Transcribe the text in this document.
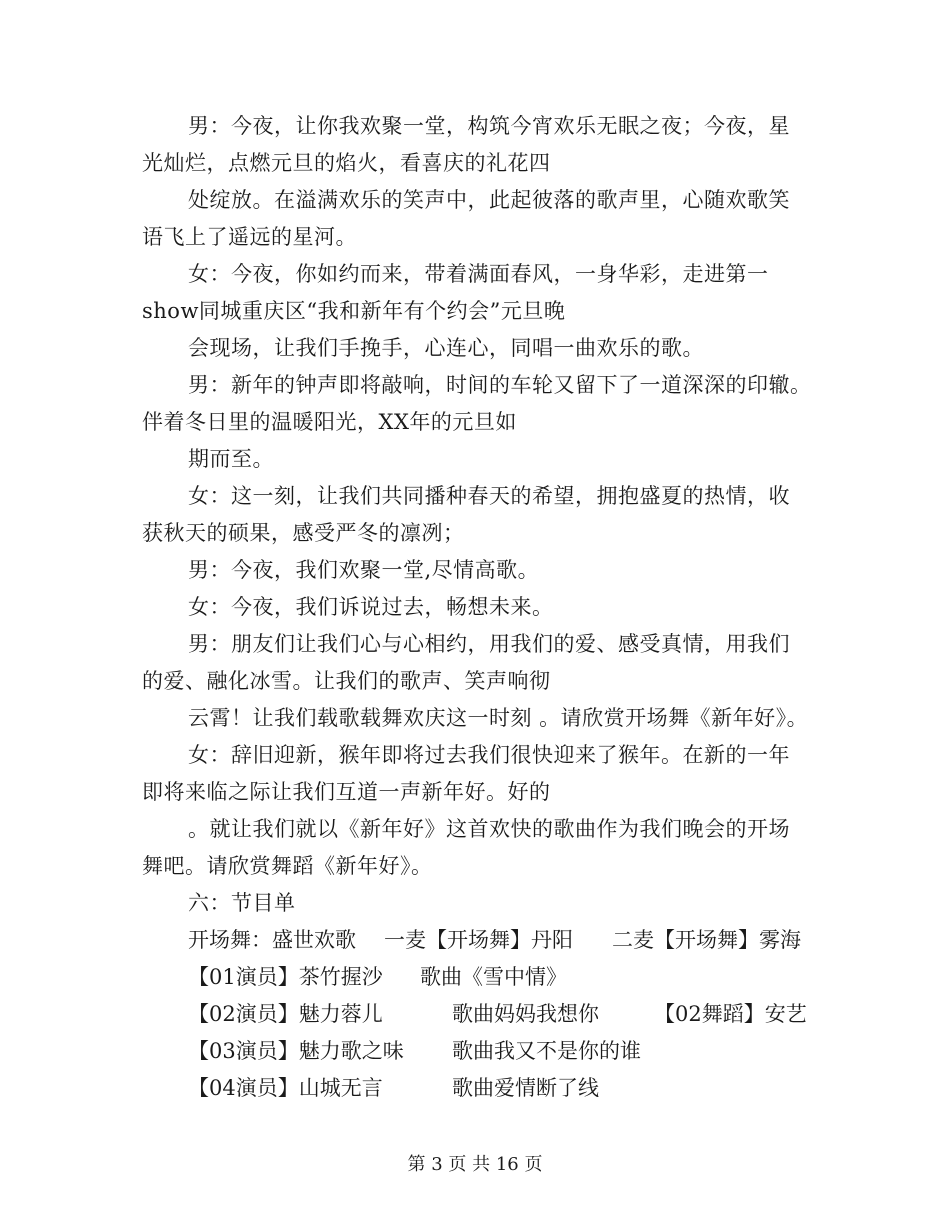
男：今夜，让你我欢聚一堂，构筑今宵欢乐无眠之夜；今夜，星
光灿烂，点燃元旦的焰火，看喜庆的礼花四
处绽放。在溢满欢乐的笑声中，此起彼落的歌声里，心随欢歌笑
语飞上了遥远的星河。
女：今夜，你如约而来，带着满面春风，一身华彩，走进第一
show同城重庆区“我和新年有个约会”元旦晚
会现场，让我们手挽手，心连心，同唱一曲欢乐的歌。
男：新年的钟声即将敲响，时间的车轮又留下了一道深深的印辙。
伴着冬日里的温暖阳光，XX年的元旦如
期而至。
女：这一刻，让我们共同播种春天的希望，拥抱盛夏的热情，收
获秋天的硕果，感受严冬的凛冽；
男：今夜，我们欢聚一堂,尽情高歌。
女：今夜，我们诉说过去，畅想未来。
男：朋友们让我们心与心相约，用我们的爱、感受真情，用我们
的爱、融化冰雪。让我们的歌声、笑声响彻
云霄！让我们载歌载舞欢庆这一时刻 。请欣赏开场舞《新年好》。
女：辞旧迎新，猴年即将过去我们很快迎来了猴年。在新的一年
即将来临之际让我们互道一声新年好。好的
。就让我们就以《新年好》这首欢快的歌曲作为我们晚会的开场
舞吧。请欣赏舞蹈《新年好》。
六：节目单
开场舞：盛世欢歌 一麦【开场舞】丹阳 二麦【开场舞】雾海
【01演员】茶竹握沙 歌曲《雪中情》
【02演员】魅力蓉儿	歌曲妈妈我想你	【02舞蹈】安艺
【03演员】魅力歌之味 歌曲我又不是你的谁
【04演员】山城无言	歌曲爱情断了线
第 3 页 共 16 页
